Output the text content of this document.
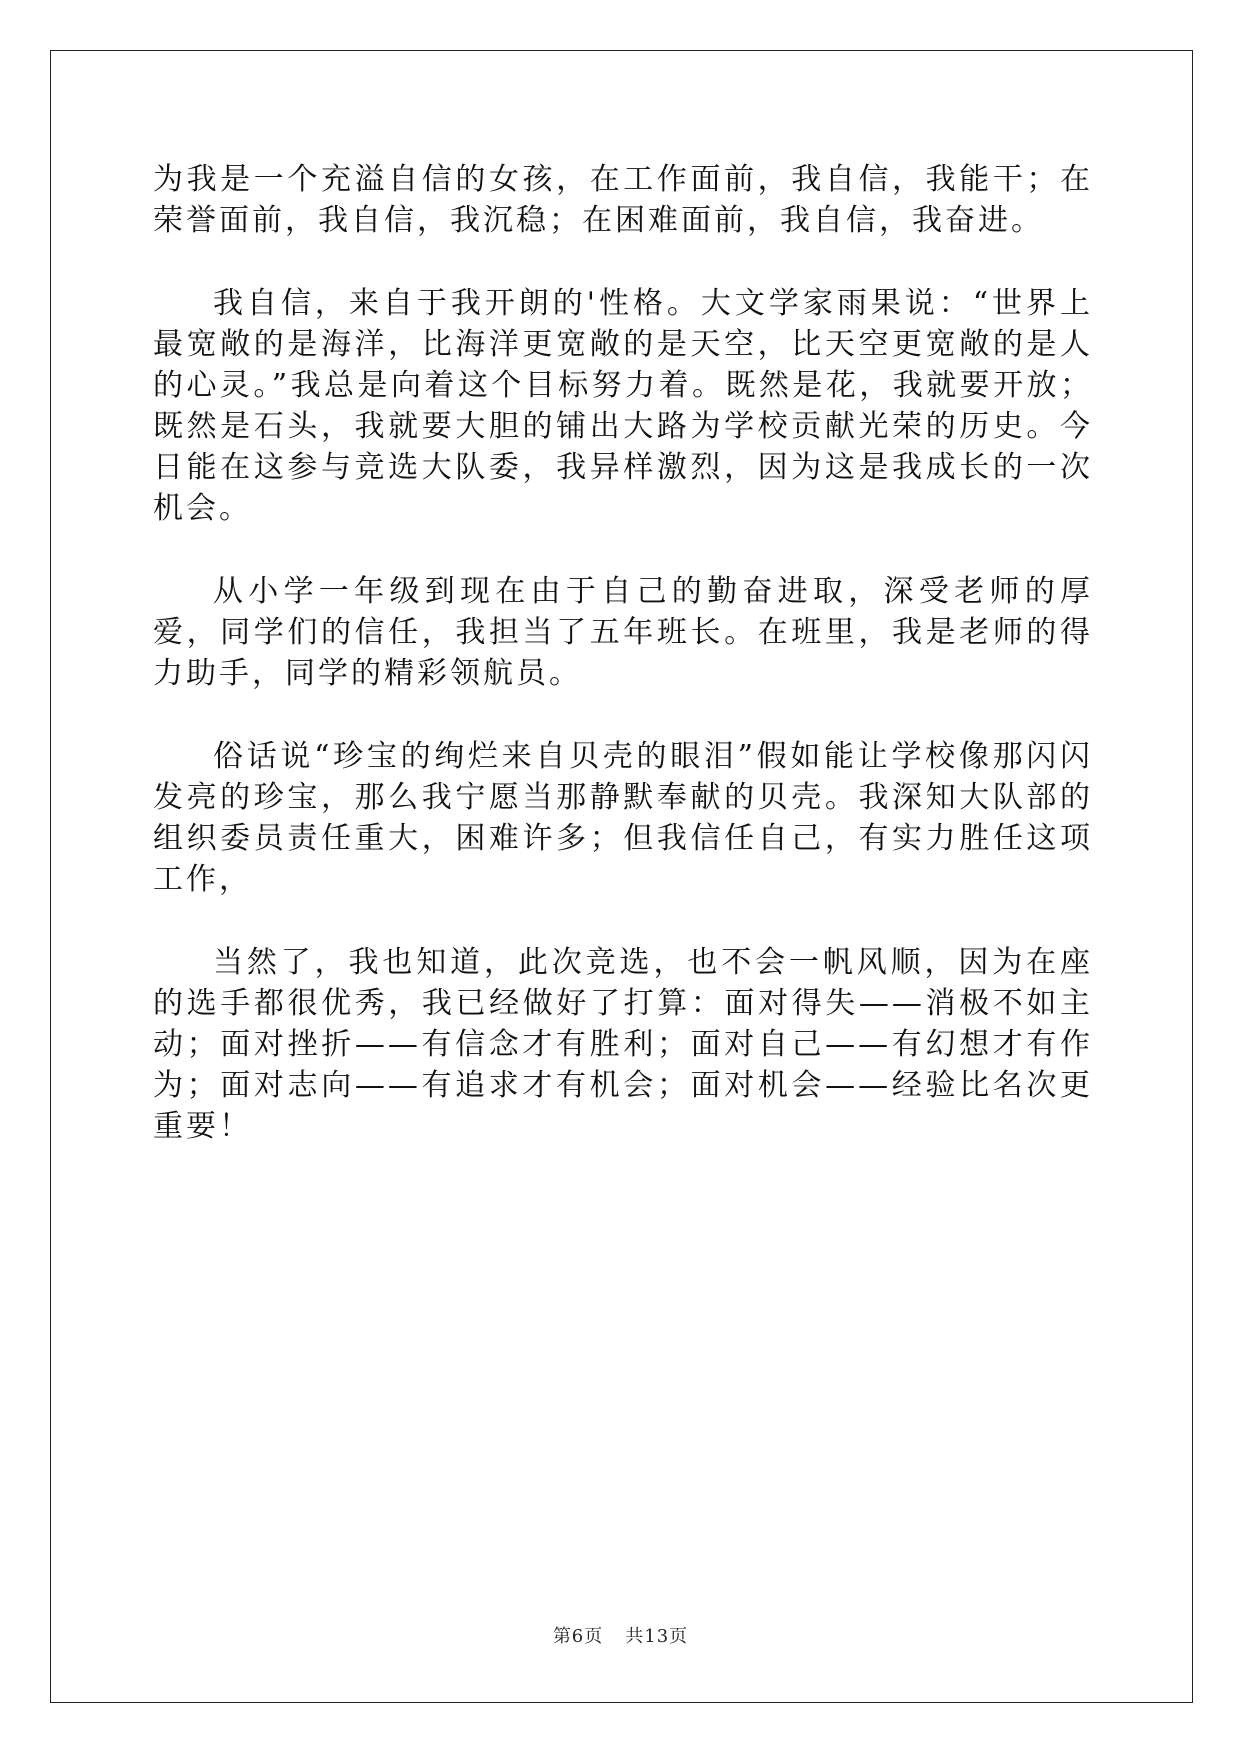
为我是一个充溢自信的女孩，在工作面前，我自信，我能干；在荣誉面前，我自信，我沉稳；在困难面前，我自信，我奋进。

我自信，来自于我开朗的'性格。大文学家雨果说：“世界上最宽敞的是海洋，比海洋更宽敞的是天空，比天空更宽敞的是人的心灵。”我总是向着这个目标努力着。既然是花，我就要开放；既然是石头，我就要大胆的铺出大路为学校贡献光荣的历史。今日能在这参与竞选大队委，我异样激烈，因为这是我成长的一次机会。

从小学一年级到现在由于自己的勤奋进取，深受老师的厚爱，同学们的信任，我担当了五年班长。在班里，我是老师的得力助手，同学的精彩领航员。

俗话说“珍宝的绚烂来自贝壳的眼泪”假如能让学校像那闪闪发亮的珍宝，那么我宁愿当那静默奉献的贝壳。我深知大队部的组织委员责任重大，困难许多；但我信任自己，有实力胜任这项工作，

当然了，我也知道，此次竞选，也不会一帆风顺，因为在座的选手都很优秀，我已经做好了打算：面对得失——消极不如主动；面对挫折——有信念才有胜利；面对自己——有幻想才有作为；面对志向——有追求才有机会；面对机会——经验比名次更重要！

第6页 共13页
